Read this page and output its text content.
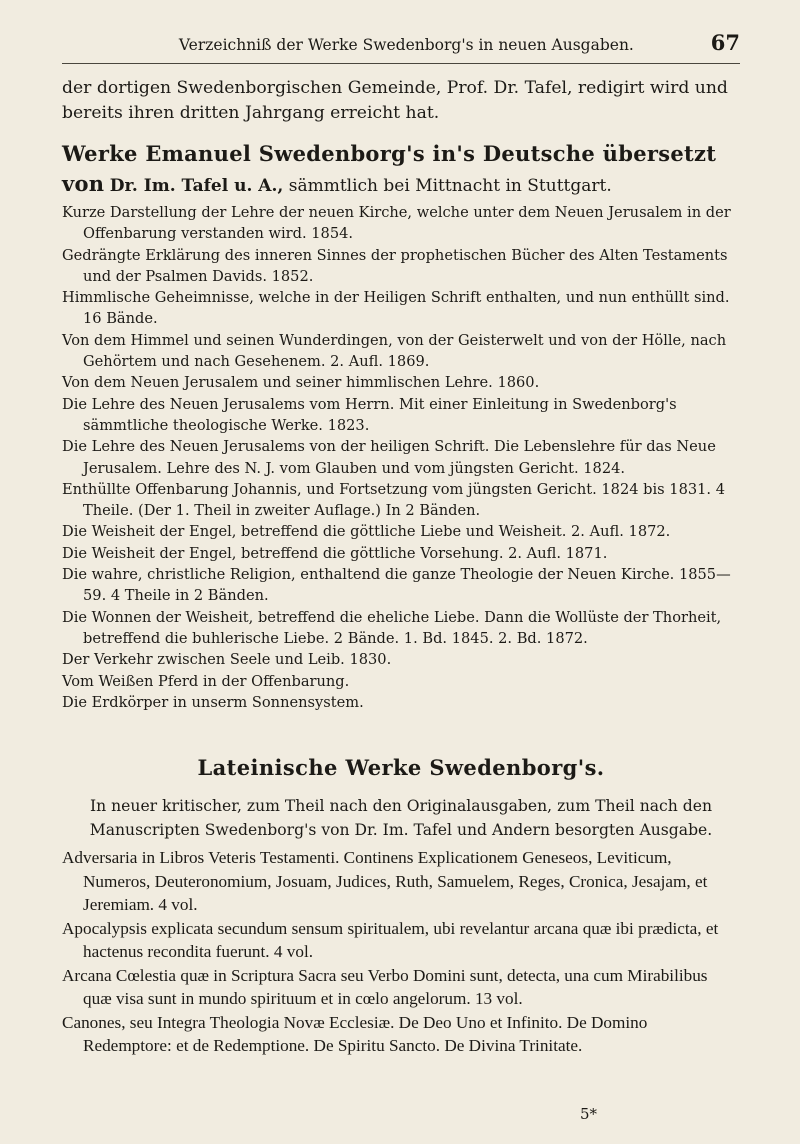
Verzeichniß der Werke Swedenborg's in neuen Ausgaben.	67

der dortigen Swedenborgischen Gemeinde, Prof. Dr. Tafel, redigirt wird und bereits ihren dritten Jahrgang erreicht hat.

Werke Emanuel Swedenborg's in's Deutsche übersetzt von Dr. Im. Tafel u. A., sämmtlich bei Mittnacht in Stuttgart.

Kurze Darstellung der Lehre der neuen Kirche, welche unter dem Neuen Jerusalem in der Offenbarung verstanden wird. 1854.

Gedrängte Erklärung des inneren Sinnes der prophetischen Bücher des Alten Testaments und der Psalmen Davids. 1852.

Himmlische Geheimnisse, welche in der Heiligen Schrift enthalten, und nun enthüllt sind. 16 Bände.

Von dem Himmel und seinen Wunderdingen, von der Geisterwelt und von der Hölle, nach Gehörtem und nach Gesehenem. 2. Aufl. 1869.

Von dem Neuen Jerusalem und seiner himmlischen Lehre. 1860.

Die Lehre des Neuen Jerusalems vom Herrn. Mit einer Einleitung in Swedenborg's sämmtliche theologische Werke. 1823.

Die Lehre des Neuen Jerusalems von der heiligen Schrift. Die Lebenslehre für das Neue Jerusalem. Lehre des N. J. vom Glauben und vom jüngsten Gericht. 1824.

Enthüllte Offenbarung Johannis, und Fortsetzung vom jüngsten Gericht. 1824 bis 1831. 4 Theile. (Der 1. Theil in zweiter Auflage.) In 2 Bänden.

Die Weisheit der Engel, betreffend die göttliche Liebe und Weisheit. 2. Aufl. 1872.

Die Weisheit der Engel, betreffend die göttliche Vorsehung. 2. Aufl. 1871.

Die wahre, christliche Religion, enthaltend die ganze Theologie der Neuen Kirche. 1855—59. 4 Theile in 2 Bänden.

Die Wonnen der Weisheit, betreffend die eheliche Liebe. Dann die Wollüste der Thorheit, betreffend die buhlerische Liebe. 2 Bände. 1. Bd. 1845. 2. Bd. 1872.

Der Verkehr zwischen Seele und Leib. 1830.

Vom Weißen Pferd in der Offenbarung.

Die Erdkörper in unserm Sonnensystem.

Lateinische Werke Swedenborg's.

In neuer kritischer, zum Theil nach den Originalausgaben, zum Theil nach den Manuscripten Swedenborg's von Dr. Im. Tafel und Andern besorgten Ausgabe.

Adversaria in Libros Veteris Testamenti. Continens Explicationem Geneseos, Leviticum, Numeros, Deuteronomium, Josuam, Judices, Ruth, Samuelem, Reges, Cronica, Jesajam, et Jeremiam. 4 vol.

Apocalypsis explicata secundum sensum spiritualem, ubi revelantur arcana quæ ibi prædicta, et hactenus recondita fuerunt. 4 vol.

Arcana Cœlestia quæ in Scriptura Sacra seu Verbo Domini sunt, detecta, una cum Mirabilibus quæ visa sunt in mundo spirituum et in cœlo angelorum. 13 vol.

Canones, seu Integra Theologia Novæ Ecclesiæ. De Deo Uno et Infinito. De Domino Redemptore: et de Redemptione. De Spiritu Sancto. De Divina Trinitate.

5*
